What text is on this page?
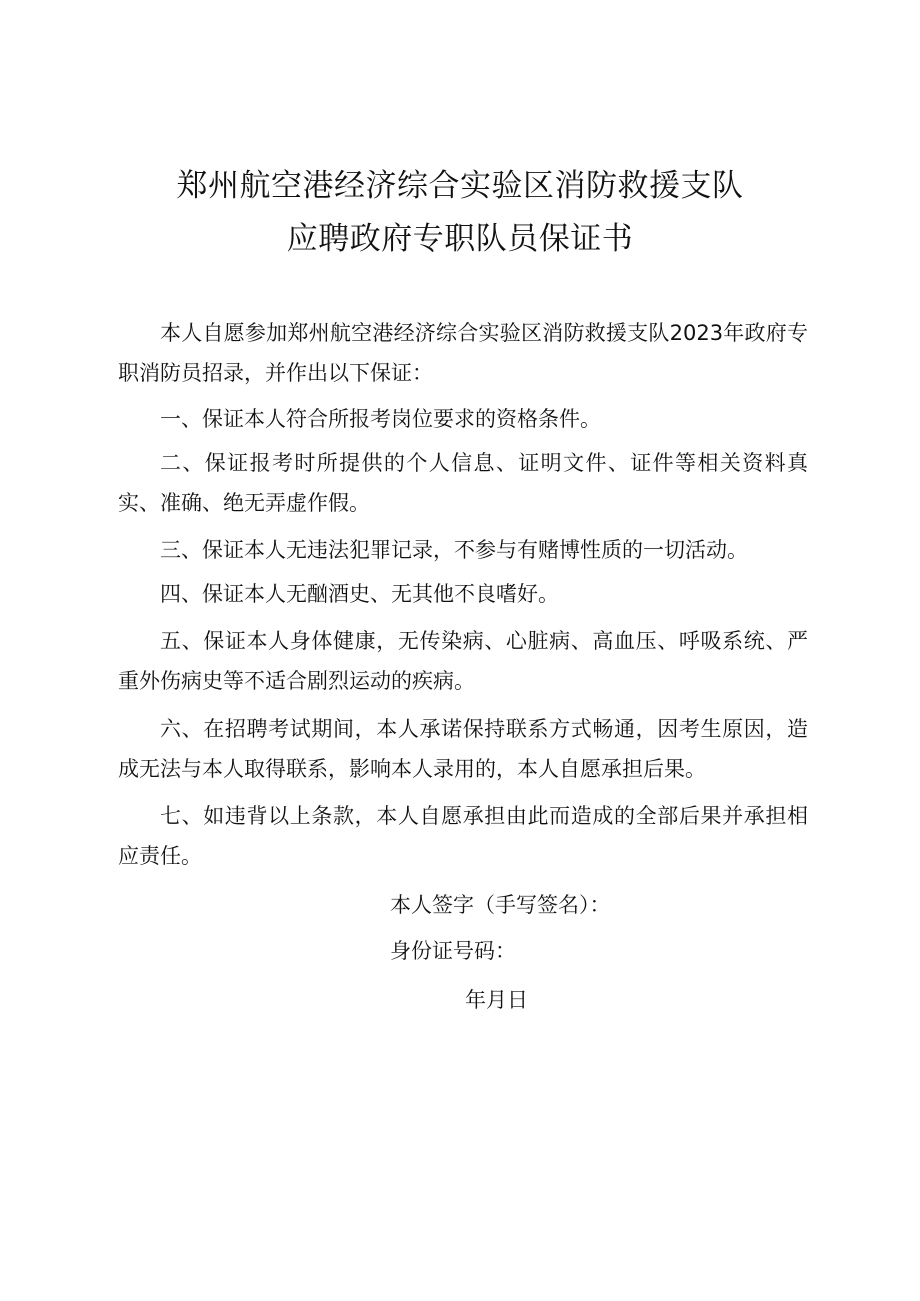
郑州航空港经济综合实验区消防救援支队
应聘政府专职队员保证书

本人自愿参加郑州航空港经济综合实验区消防救援支队2023年政府专职消防员招录，并作出以下保证：

一、保证本人符合所报考岗位要求的资格条件。

二、保证报考时所提供的个人信息、证明文件、证件等相关资料真实、准确、绝无弄虚作假。

三、保证本人无违法犯罪记录，不参与有赌博性质的一切活动。

四、保证本人无酗酒史、无其他不良嗜好。

五、保证本人身体健康，无传染病、心脏病、高血压、呼吸系统、严重外伤病史等不适合剧烈运动的疾病。

六、在招聘考试期间，本人承诺保持联系方式畅通，因考生原因，造成无法与本人取得联系，影响本人录用的，本人自愿承担后果。

七、如违背以上条款，本人自愿承担由此而造成的全部后果并承担相应责任。

本人签字（手写签名）：
身份证号码：
年月日
